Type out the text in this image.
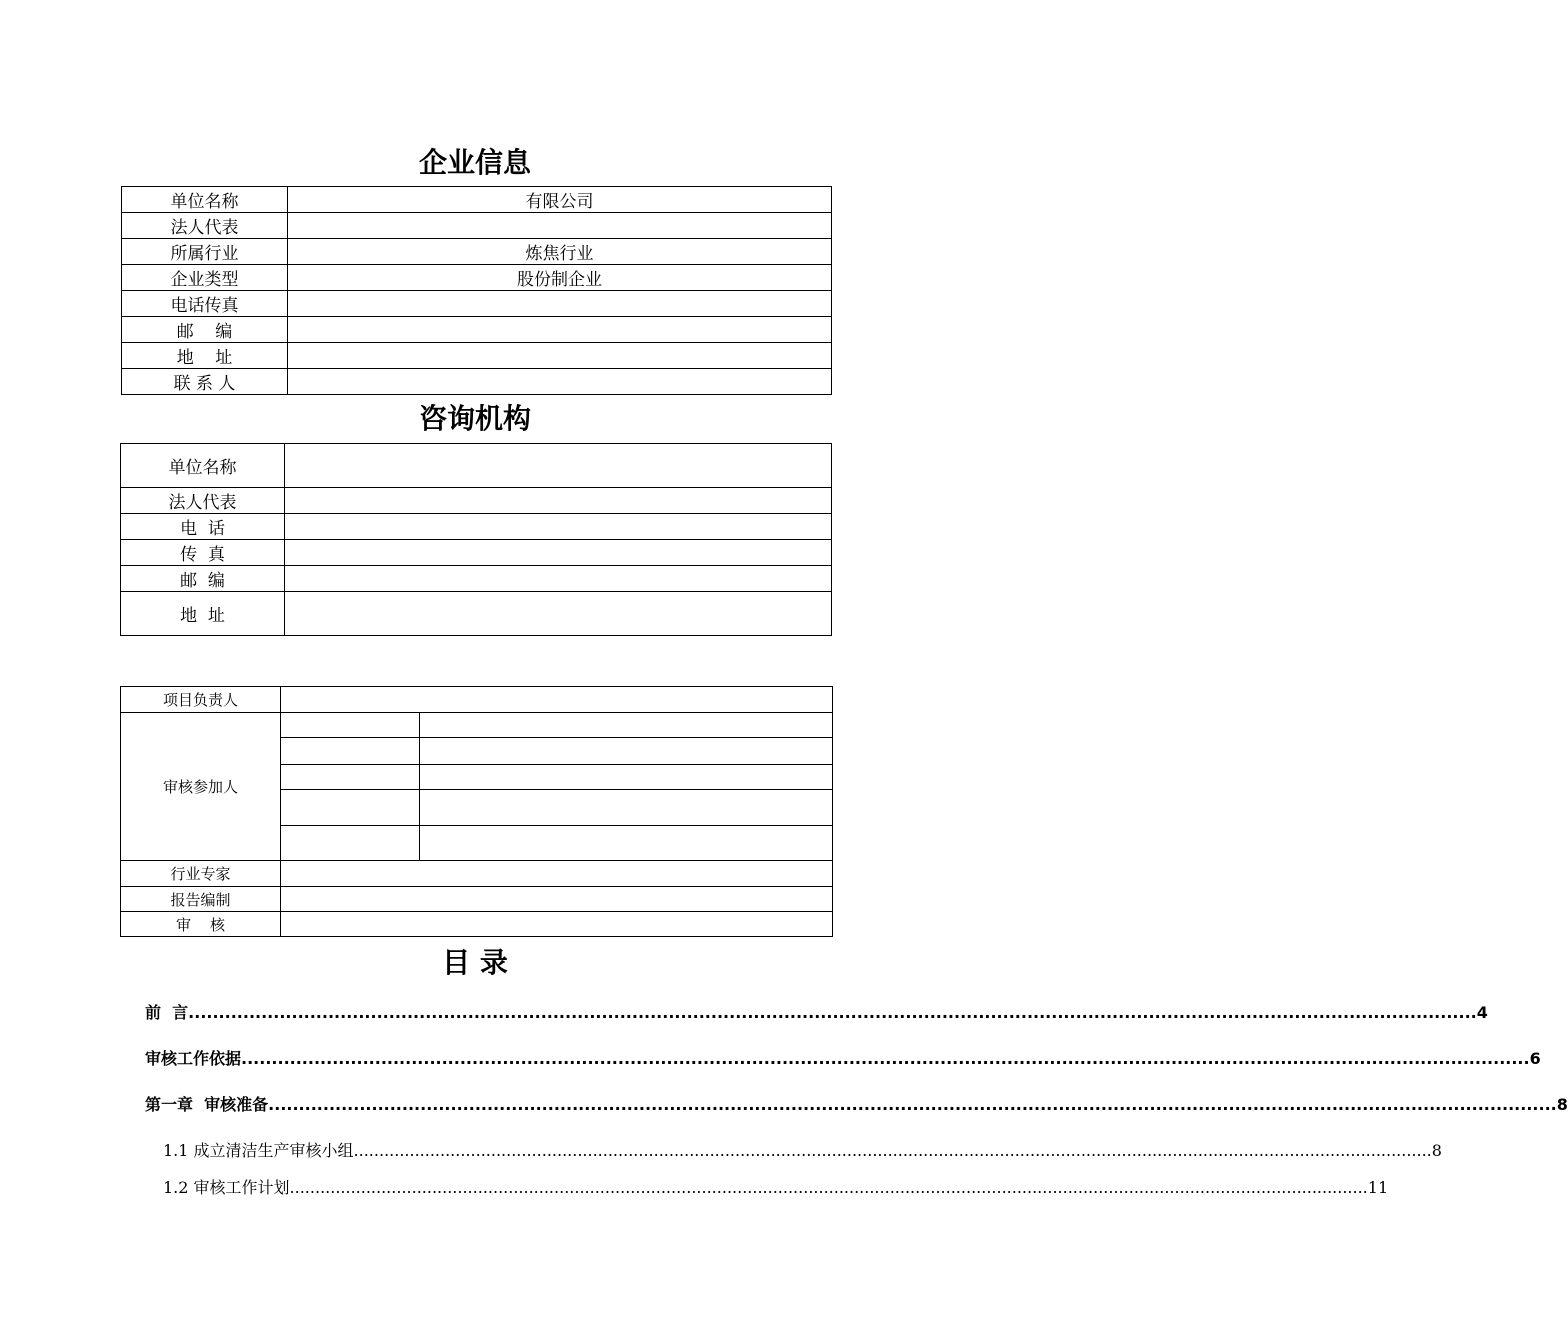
企业信息
单位名称	有限公司
法人代表	
所属行业	炼焦行业
企业类型	股份制企业
电话传真	
邮    编	
地    址	
联 系 人	
咨询机构
单位名称	
法人代表	
电  话	
传  真	
邮  编	
地  址	
项目负责人		
审核参加人		

行业专家		
报告编制		
审    核		
目 录
前  言 .................................................................................................................................................................................................................... 4
审核工作依据 .................................................................................................................................................................................................................... 6
第一章  审核准备 .................................................................................................................................................................................................................... 8
1.1 成立清洁生产审核小组 .................................................................................................................................................................................................................... 8
1.2 审核工作计划 .................................................................................................................................................................................................................... 11
